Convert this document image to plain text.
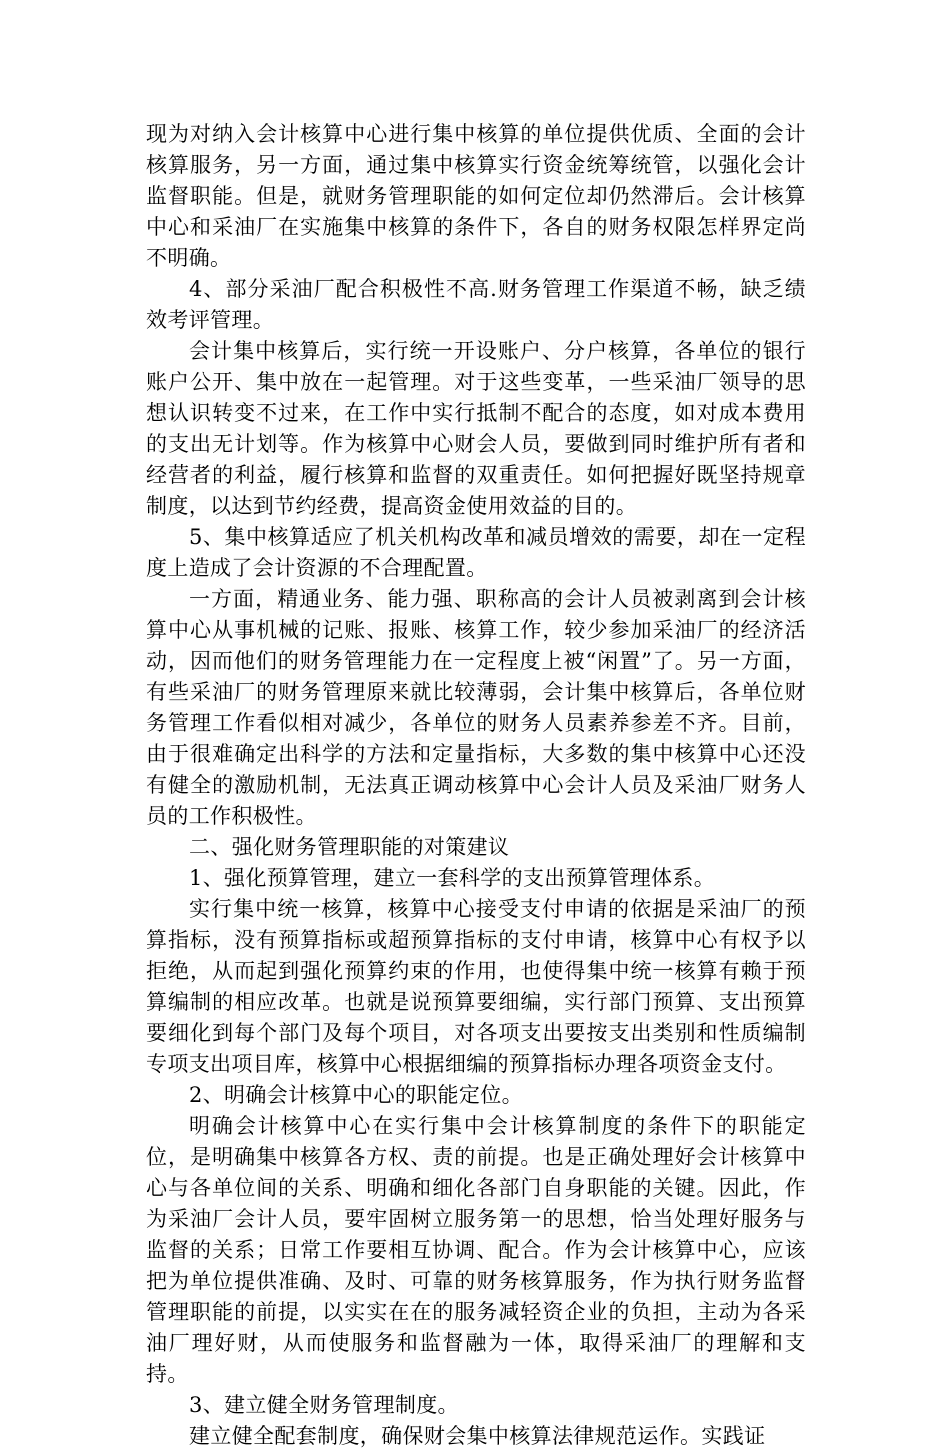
现为对纳入会计核算中心进行集中核算的单位提供优质、全面的会计核算服务，另一方面，通过集中核算实行资金统筹统管，以强化会计监督职能。但是，就财务管理职能的如何定位却仍然滞后。会计核算中心和采油厂在实施集中核算的条件下，各自的财务权限怎样界定尚不明确。

4、部分采油厂配合积极性不高.财务管理工作渠道不畅，缺乏绩效考评管理。

会计集中核算后，实行统一开设账户、分户核算，各单位的银行账户公开、集中放在一起管理。对于这些变革，一些采油厂领导的思想认识转变不过来，在工作中实行抵制不配合的态度，如对成本费用的支出无计划等。作为核算中心财会人员，要做到同时维护所有者和经营者的利益，履行核算和监督的双重责任。如何把握好既坚持规章制度，以达到节约经费，提高资金使用效益的目的。

5、集中核算适应了机关机构改革和减员增效的需要，却在一定程度上造成了会计资源的不合理配置。

一方面，精通业务、能力强、职称高的会计人员被剥离到会计核算中心从事机械的记账、报账、核算工作，较少参加采油厂的经济活动，因而他们的财务管理能力在一定程度上被“闲置”了。另一方面，有些采油厂的财务管理原来就比较薄弱，会计集中核算后，各单位财务管理工作看似相对减少，各单位的财务人员素养参差不齐。目前，由于很难确定出科学的方法和定量指标，大多数的集中核算中心还没有健全的激励机制，无法真正调动核算中心会计人员及采油厂财务人员的工作积极性。

二、强化财务管理职能的对策建议

1、强化预算管理，建立一套科学的支出预算管理体系。

实行集中统一核算，核算中心接受支付申请的依据是采油厂的预算指标，没有预算指标或超预算指标的支付申请，核算中心有权予以拒绝，从而起到强化预算约束的作用，也使得集中统一核算有赖于预算编制的相应改革。也就是说预算要细编，实行部门预算、支出预算要细化到每个部门及每个项目，对各项支出要按支出类别和性质编制专项支出项目库，核算中心根据细编的预算指标办理各项资金支付。

2、明确会计核算中心的职能定位。

明确会计核算中心在实行集中会计核算制度的条件下的职能定位，是明确集中核算各方权、责的前提。也是正确处理好会计核算中心与各单位间的关系、明确和细化各部门自身职能的关键。因此，作为采油厂会计人员，要牢固树立服务第一的思想，恰当处理好服务与监督的关系；日常工作要相互协调、配合。作为会计核算中心，应该把为单位提供准确、及时、可靠的财务核算服务，作为执行财务监督管理职能的前提，以实实在在的服务减轻资企业的负担，主动为各采油厂理好财，从而使服务和监督融为一体，取得采油厂的理解和支持。

3、建立健全财务管理制度。

建立健全配套制度，确保财会集中核算法律规范运作。实践证
